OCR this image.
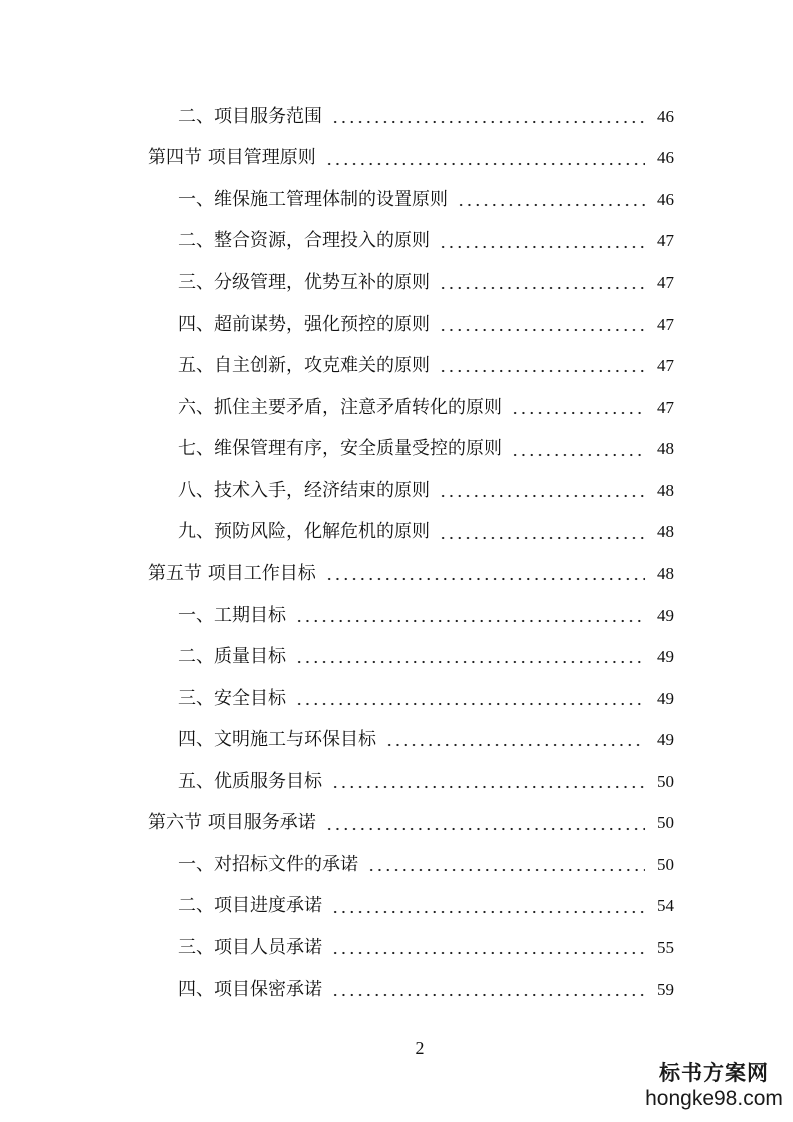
二、项目服务范围	46
第四节 项目管理原则	46
一、维保施工管理体制的设置原则	46
二、整合资源，合理投入的原则	47
三、分级管理，优势互补的原则	47
四、超前谋势，强化预控的原则	47
五、自主创新，攻克难关的原则	47
六、抓住主要矛盾，注意矛盾转化的原则	47
七、维保管理有序，安全质量受控的原则	48
八、技术入手，经济结束的原则	48
九、预防风险，化解危机的原则	48
第五节 项目工作目标	48
一、工期目标	49
二、质量目标	49
三、安全目标	49
四、文明施工与环保目标	49
五、优质服务目标	50
第六节 项目服务承诺	50
一、对招标文件的承诺	50
二、项目进度承诺	54
三、项目人员承诺	55
四、项目保密承诺	59
2
标书方案网
hongke98.com
